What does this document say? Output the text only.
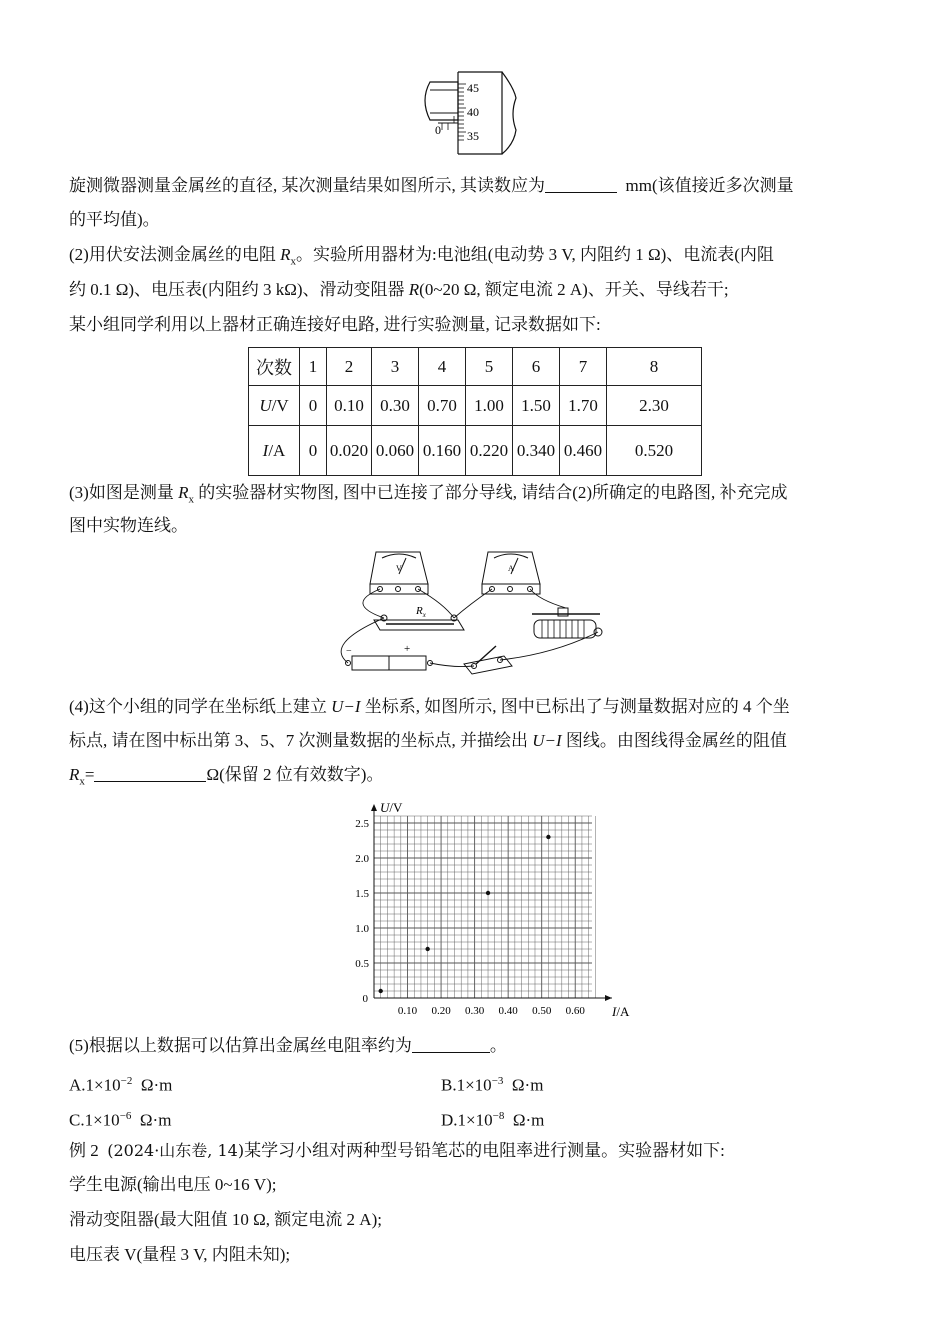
45
40
35
0
旋测微器测量金属丝的直径, 某次测量结果如图所示, 其读数应为	mm(该值接近多次测量
的平均值)。
(2)用伏安法测金属丝的电阻 $R_x$。实验所用器材为:电池组(电动势 3 V, 内阻约 1 Ω)、电流表(内阻
约 0.1 Ω)、电压表(内阻约 3 kΩ)、滑动变阻器 R(0~20 Ω, 额定电流 2 A)、开关、导线若干;
某小组同学利用以上器材正确连接好电路, 进行实验测量, 记录数据如下:
次数	1	2	3	4	5	6	7	8
U/V	0	0.10	0.30	0.70	1.00	1.50	1.70	2.30
I/A	0	0.020	0.060	0.160	0.220	0.340	0.460	0.520
(3)如图是测量 $R_x$ 的实验器材实物图, 图中已连接了部分导线, 请结合(2)所确定的电路图, 补充完成
图中实物连线。
V	A
$R_x$
−	+
(4)这个小组的同学在坐标纸上建立 U−I 坐标系, 如图所示, 图中已标出了与测量数据对应的 4 个坐
标点, 请在图中标出第 3、5、7 次测量数据的坐标点, 并描绘出 U−I 图线。由图线得金属丝的阻值
$R_x=$	Ω(保留 2 位有效数字)。
0.10 0.20 0.30 0.40 0.50 0.60
0.5
1.0
1.5
2.0
2.5
0
I/A
U/V
(5)根据以上数据可以估算出金属丝电阻率约为	。
$A.1\times 10^{-2}$ Ω·m	$B.1\times 10^{-3}$ Ω·m
$C.1\times 10^{-6}$ Ω·m	$D.1\times 10^{-8}$ Ω·m
例 2 (2024·山东卷, 14)某学习小组对两种型号铅笔芯的电阻率进行测量。实验器材如下:
学生电源(输出电压 0~16 V);
滑动变阻器(最大阻值 10 Ω, 额定电流 2 A);
电压表 V(量程 3 V, 内阻未知);
